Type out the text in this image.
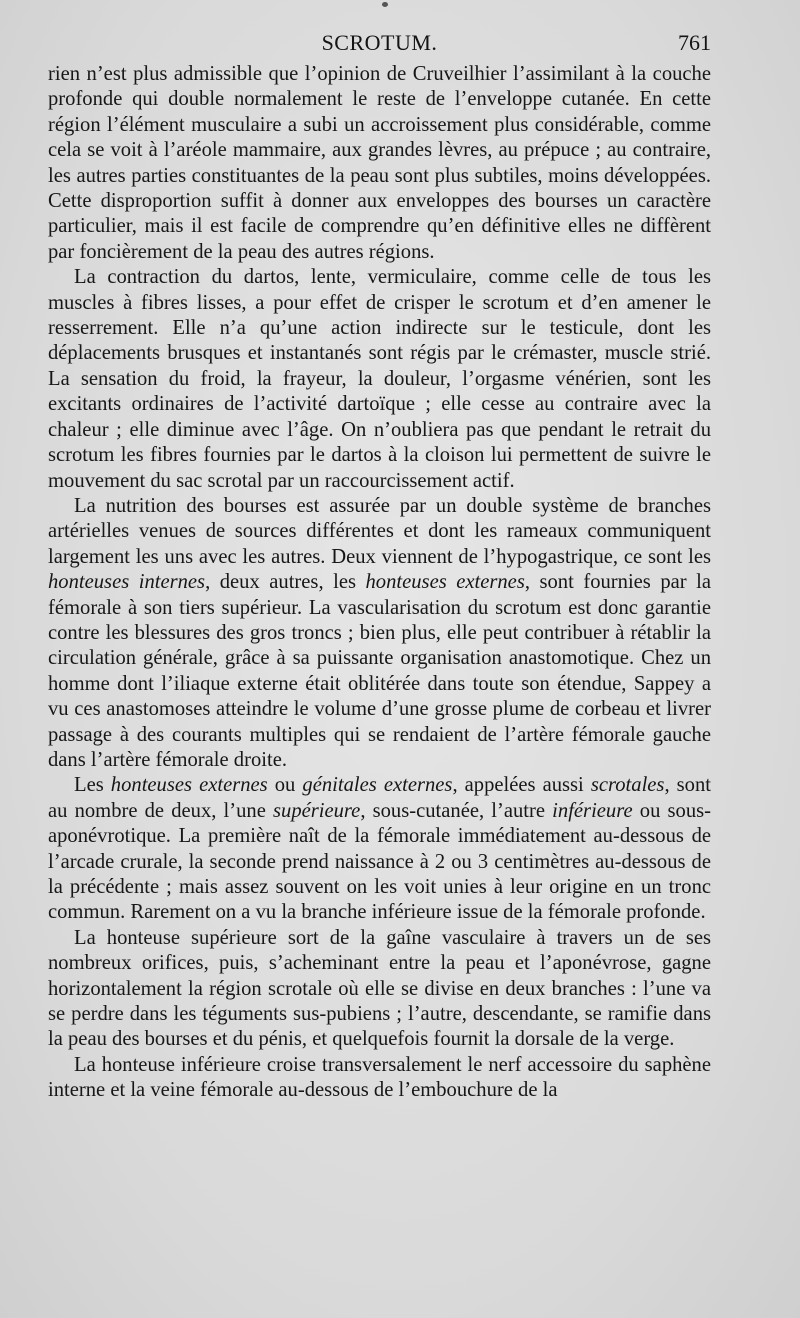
SCROTUM.	761

rien n’est plus admissible que l’opinion de Cruveilhier l’assimilant à la couche profonde qui double normalement le reste de l’enveloppe cutanée. En cette région l’élément musculaire a subi un accroissement plus considérable, comme cela se voit à l’aréole mammaire, aux grandes lèvres, au prépuce ; au contraire, les autres parties constituantes de la peau sont plus subtiles, moins développées. Cette disproportion suffit à donner aux enveloppes des bourses un caractère particulier, mais il est facile de comprendre qu’en définitive elles ne diffèrent par foncièrement de la peau des autres régions.

La contraction du dartos, lente, vermiculaire, comme celle de tous les muscles à fibres lisses, a pour effet de crisper le scrotum et d’en amener le resserrement. Elle n’a qu’une action indirecte sur le testicule, dont les déplacements brusques et instantanés sont régis par le crémaster, muscle strié. La sensation du froid, la frayeur, la douleur, l’orgasme vénérien, sont les excitants ordinaires de l’activité dartoïque ; elle cesse au contraire avec la chaleur ; elle diminue avec l’âge. On n’oubliera pas que pendant le retrait du scrotum les fibres fournies par le dartos à la cloison lui permettent de suivre le mouvement du sac scrotal par un raccourcissement actif.

La nutrition des bourses est assurée par un double système de branches artérielles venues de sources différentes et dont les rameaux communiquent largement les uns avec les autres. Deux viennent de l’hypogastrique, ce sont les honteuses internes, deux autres, les honteuses externes, sont fournies par la fémorale à son tiers supérieur. La vascularisation du scrotum est donc garantie contre les blessures des gros troncs ; bien plus, elle peut contribuer à rétablir la circulation générale, grâce à sa puissante organisation anastomotique. Chez un homme dont l’iliaque externe était oblitérée dans toute son étendue, Sappey a vu ces anastomoses atteindre le volume d’une grosse plume de corbeau et livrer passage à des courants multiples qui se rendaient de l’artère fémorale gauche dans l’artère fémorale droite.

Les honteuses externes ou génitales externes, appelées aussi scrotales, sont au nombre de deux, l’une supérieure, sous-cutanée, l’autre inférieure ou sous-aponévrotique. La première naît de la fémorale immédiatement au-dessous de l’arcade crurale, la seconde prend naissance à 2 ou 3 centimètres au-dessous de la précédente ; mais assez souvent on les voit unies à leur origine en un tronc commun. Rarement on a vu la branche inférieure issue de la fémorale profonde.

La honteuse supérieure sort de la gaîne vasculaire à travers un de ses nombreux orifices, puis, s’acheminant entre la peau et l’aponévrose, gagne horizontalement la région scrotale où elle se divise en deux branches : l’une va se perdre dans les téguments sus-pubiens ; l’autre, descendante, se ramifie dans la peau des bourses et du pénis, et quelquefois fournit la dorsale de la verge.

La honteuse inférieure croise transversalement le nerf accessoire du saphène interne et la veine fémorale au-dessous de l’embouchure de la
